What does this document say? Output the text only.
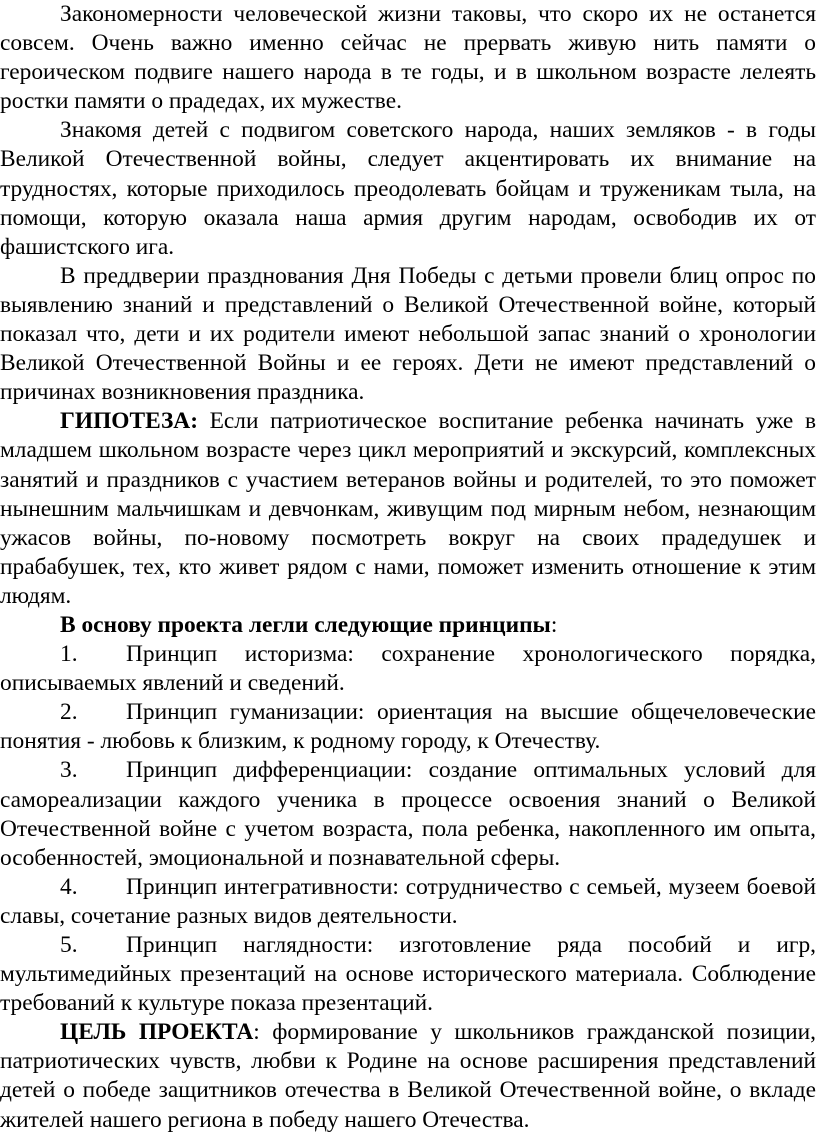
Закономерности человеческой жизни таковы, что скоро их не останется совсем. Очень важно именно сейчас не прервать живую нить памяти о героическом подвиге нашего народа в те годы, и в школьном возрасте лелеять ростки памяти о прадедах, их мужестве.

Знакомя детей с подвигом советского народа, наших земляков - в годы Великой Отечественной войны, следует акцентировать их внимание на трудностях, которые приходилось преодолевать бойцам и труженикам тыла, на помощи, которую оказала наша армия другим народам, освободив их от фашистского ига.

В преддверии празднования Дня Победы с детьми провели блиц опрос по выявлению знаний и представлений о Великой Отечественной войне, который показал что, дети и их родители имеют небольшой запас знаний о хронологии Великой Отечественной Войны и ее героях. Дети не имеют представлений о причинах возникновения праздника.

ГИПОТЕЗА: Если патриотическое воспитание ребенка начинать уже в младшем школьном возрасте через цикл мероприятий и экскурсий, комплексных занятий и праздников с участием ветеранов войны и родителей, то это поможет нынешним мальчишкам и девчонкам, живущим под мирным небом, незнающим ужасов войны, по-новому посмотреть вокруг на своих прадедушек и прабабушек, тех, кто живет рядом с нами, поможет изменить отношение к этим людям.

В основу проекта легли следующие принципы:

1. Принцип историзма: сохранение хронологического порядка, описываемых явлений и сведений.

2. Принцип гуманизации: ориентация на высшие общечеловеческие понятия - любовь к близким, к родному городу, к Отечеству.

3. Принцип дифференциации: создание оптимальных условий для самореализации каждого ученика в процессе освоения знаний о Великой Отечественной войне с учетом возраста, пола ребенка, накопленного им опыта, особенностей, эмоциональной и познавательной сферы.

4. Принцип интегративности: сотрудничество с семьей, музеем боевой славы, сочетание разных видов деятельности.

5. Принцип наглядности: изготовление ряда пособий и игр, мультимедийных презентаций на основе исторического материала. Соблюдение требований к культуре показа презентаций.

ЦЕЛЬ ПРОЕКТА: формирование у школьников гражданской позиции, патриотических чувств, любви к Родине на основе расширения представлений детей о победе защитников отечества в Великой Отечественной войне, о вкладе жителей нашего региона в победу нашего Отечества.
